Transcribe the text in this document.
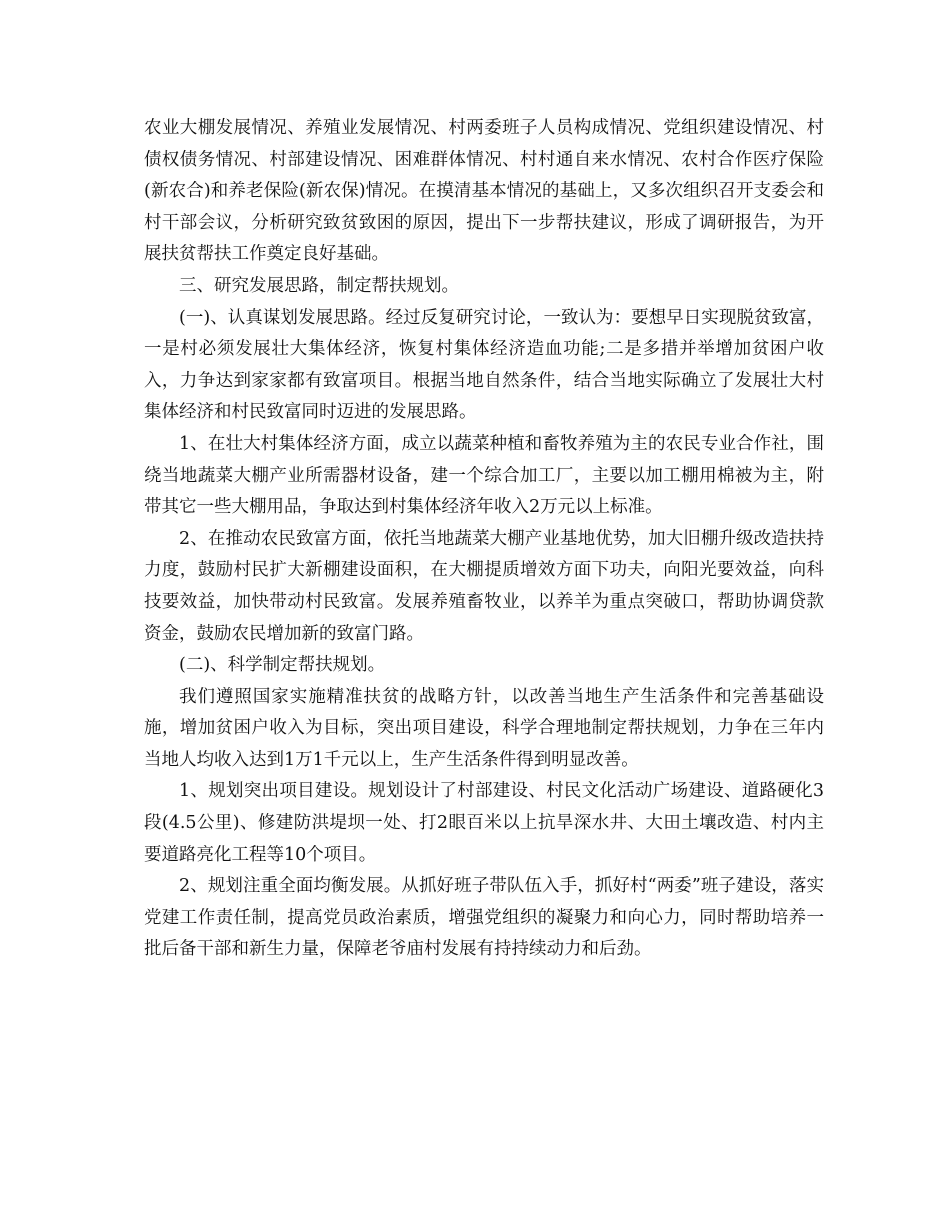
农业大棚发展情况、养殖业发展情况、村两委班子人员构成情况、党组织建设情况、村债权债务情况、村部建设情况、困难群体情况、村村通自来水情况、农村合作医疗保险(新农合)和养老保险(新农保)情况。在摸清基本情况的基础上，又多次组织召开支委会和村干部会议，分析研究致贫致困的原因，提出下一步帮扶建议，形成了调研报告，为开展扶贫帮扶工作奠定良好基础。

三、研究发展思路，制定帮扶规划。

(一)、认真谋划发展思路。经过反复研究讨论，一致认为：要想早日实现脱贫致富，一是村必须发展壮大集体经济，恢复村集体经济造血功能;二是多措并举增加贫困户收入，力争达到家家都有致富项目。根据当地自然条件，结合当地实际确立了发展壮大村集体经济和村民致富同时迈进的发展思路。

1、在壮大村集体经济方面，成立以蔬菜种植和畜牧养殖为主的农民专业合作社，围绕当地蔬菜大棚产业所需器材设备，建一个综合加工厂，主要以加工棚用棉被为主，附带其它一些大棚用品，争取达到村集体经济年收入2万元以上标准。

2、在推动农民致富方面，依托当地蔬菜大棚产业基地优势，加大旧棚升级改造扶持力度，鼓励村民扩大新棚建设面积，在大棚提质增效方面下功夫，向阳光要效益，向科技要效益，加快带动村民致富。发展养殖畜牧业，以养羊为重点突破口，帮助协调贷款资金，鼓励农民增加新的致富门路。

(二)、科学制定帮扶规划。

我们遵照国家实施精准扶贫的战略方针，以改善当地生产生活条件和完善基础设施，增加贫困户收入为目标，突出项目建设，科学合理地制定帮扶规划，力争在三年内当地人均收入达到1万1千元以上，生产生活条件得到明显改善。

1、规划突出项目建设。规划设计了村部建设、村民文化活动广场建设、道路硬化3段(4.5公里)、修建防洪堤坝一处、打2眼百米以上抗旱深水井、大田土壤改造、村内主要道路亮化工程等10个项目。

2、规划注重全面均衡发展。从抓好班子带队伍入手，抓好村“两委”班子建设，落实党建工作责任制，提高党员政治素质，增强党组织的凝聚力和向心力，同时帮助培养一批后备干部和新生力量，保障老爷庙村发展有持持续动力和后劲。
